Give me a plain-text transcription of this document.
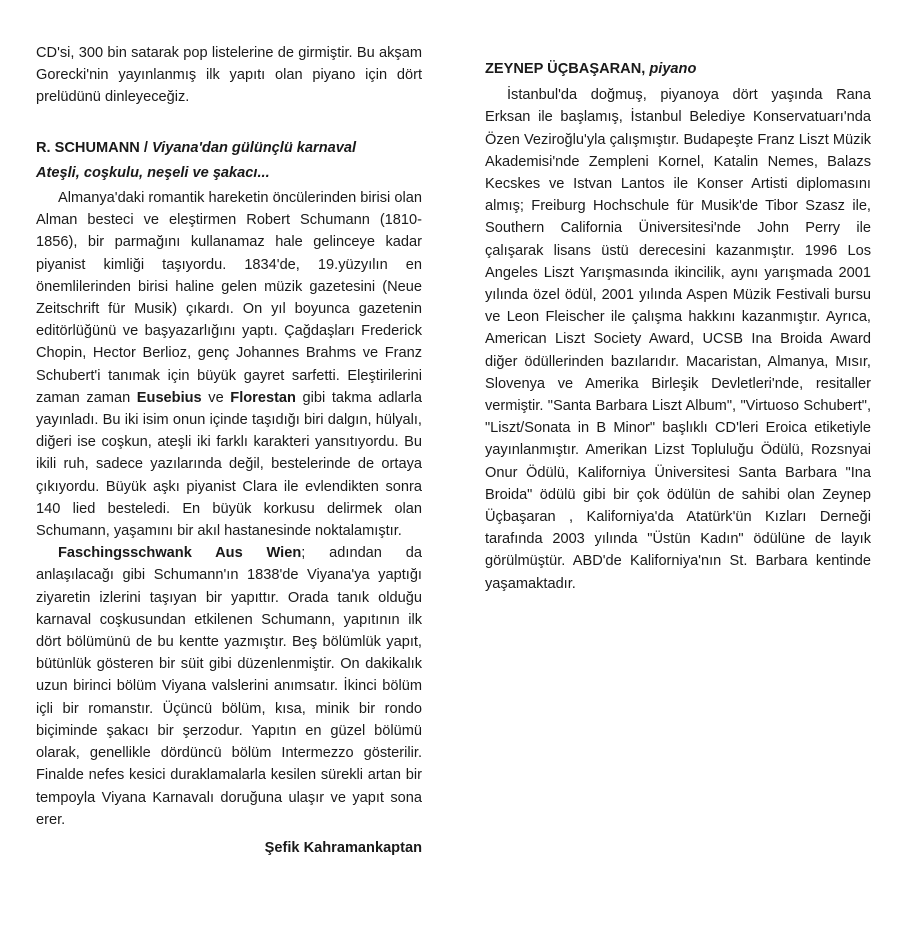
CD'si, 300 bin satarak pop listelerine de girmiştir. Bu akşam Gorecki'nin yayınlanmış ilk yapıtı olan piyano için dört prelüdünü dinleyeceğiz.

R. SCHUMANN / Viyana'dan gülünçlü karnaval

Ateşli, coşkulu, neşeli ve şakacı...

Almanya'daki romantik hareketin öncülerinden birisi olan Alman besteci ve eleştirmen Robert Schumann (1810-1856), bir parmağını kullanamaz hale gelinceye kadar piyanist kimliği taşıyordu. 1834'de, 19.yüzyılın en önemlilerinden birisi haline gelen müzik gazetesini (Neue Zeitschrift für Musik) çıkardı. On yıl boyunca gazetenin editörlüğünü ve başyazarlığını yaptı. Çağdaşları Frederick Chopin, Hector Berlioz, genç Johannes Brahms ve Franz Schubert'i tanımak için büyük gayret sarfetti. Eleştirilerini zaman zaman Eusebius ve Florestan gibi takma adlarla yayınladı. Bu iki isim onun içinde taşıdığı biri dalgın, hülyalı, diğeri ise coşkun, ateşli iki farklı karakteri yansıtıyordu. Bu ikili ruh, sadece yazılarında değil, bestelerinde de ortaya çıkıyordu. Büyük aşkı piyanist Clara ile evlendikten sonra 140 lied besteledi. En büyük korkusu delirmek olan Schumann, yaşamını bir akıl hastanesinde noktalamıştır.

Faschingsschwank Aus Wien; adından da anlaşılacağı gibi Schumann'ın 1838'de Viyana'ya yaptığı ziyaretin izlerini taşıyan bir yapıttır. Orada tanık olduğu karnaval coşkusundan etkilenen Schumann, yapıtının ilk dört bölümünü de bu kentte yazmıştır. Beş bölümlük yapıt, bütünlük gösteren bir süit gibi düzenlenmiştir. On dakikalık uzun birinci bölüm Viyana valslerini anımsatır. İkinci bölüm içli bir romanstır. Üçüncü bölüm, kısa, minik bir rondo biçiminde şakacı bir şerzodur. Yapıtın en güzel bölümü olarak, genellikle dördüncü bölüm Intermezzo gösterilir. Finalde nefes kesici duraklamalarla kesilen sürekli artan bir tempoyla Viyana Karnavalı doruğuna ulaşır ve yapıt sona erer.

Şefik Kahramankaptan

ZEYNEP ÜÇBAŞARAN, piyano

İstanbul'da doğmuş, piyanoya dört yaşında Rana Erksan ile başlamış, İstanbul Belediye Konservatuarı'nda Özen Veziroğlu'yla çalışmıştır. Budapeşte Franz Liszt Müzik Akademisi'nde Zempleni Kornel, Katalin Nemes, Balazs Kecskes ve Istvan Lantos ile Konser Artisti diplomasını almış; Freiburg Hochschule für Musik'de Tibor Szasz ile, Southern California Üniversitesi'nde John Perry ile çalışarak lisans üstü derecesini kazanmıştır. 1996 Los Angeles Liszt Yarışmasında ikincilik, aynı yarışmada 2001 yılında özel ödül, 2001 yılında Aspen Müzik Festivali bursu ve Leon Fleischer ile çalışma hakkını kazanmıştır. Ayrıca, American Liszt Society Award, UCSB Ina Broida Award diğer ödüllerinden bazılarıdır. Macaristan, Almanya, Mısır, Slovenya ve Amerika Birleşik Devletleri'nde, resitaller vermiştir. "Santa Barbara Liszt Album", "Virtuoso Schubert", "Liszt/Sonata in B Minor" başlıklı CD'leri Eroica etiketiyle yayınlanmıştır. Amerikan Lizst Topluluğu Ödülü, Rozsnyai Onur Ödülü, Kaliforniya Üniversitesi Santa Barbara "Ina Broida" ödülü gibi bir çok ödülün de sahibi olan Zeynep Üçbaşaran , Kaliforniya'da Atatürk'ün Kızları Derneği tarafında 2003 yılında "Üstün Kadın" ödülüne de layık görülmüştür. ABD'de Kaliforniya'nın St. Barbara kentinde yaşamaktadır.
